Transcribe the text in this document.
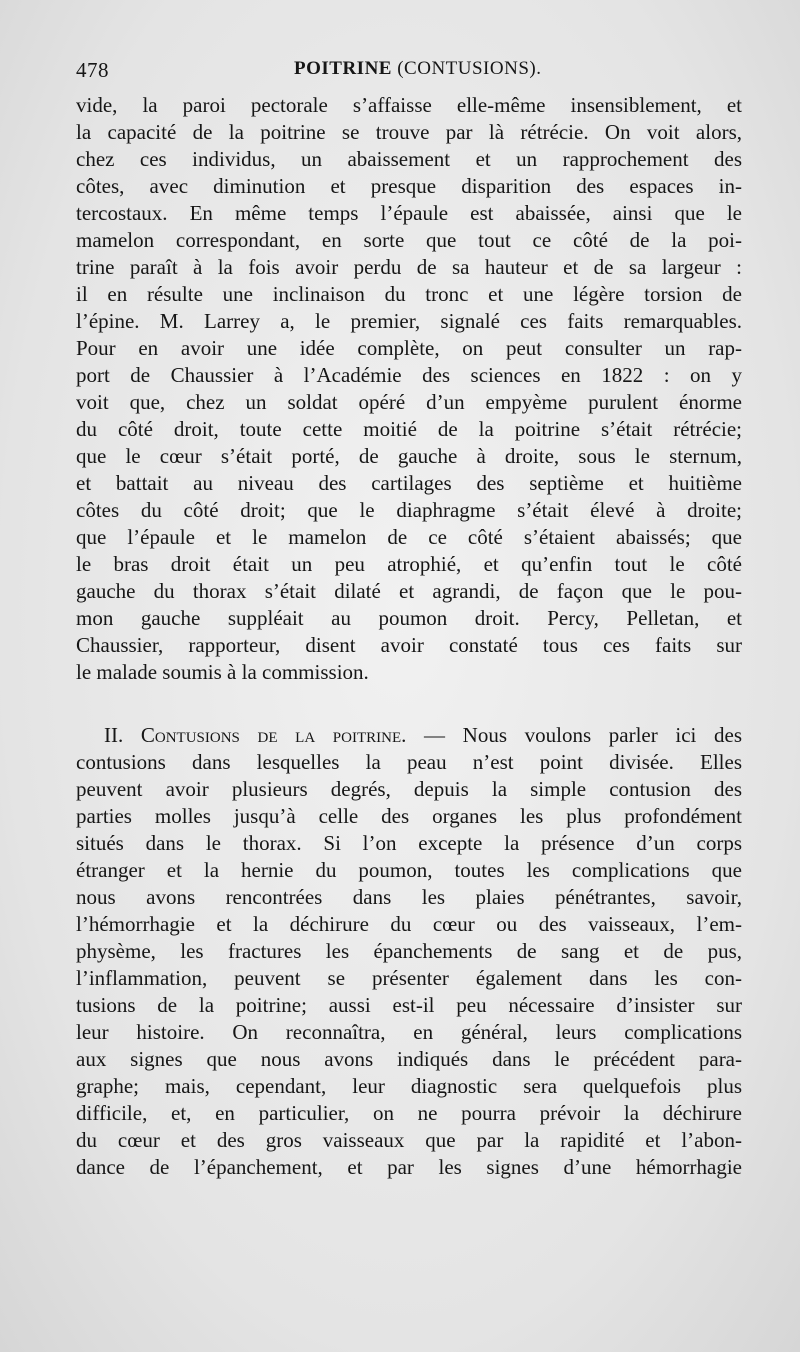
478	POITRINE (CONTUSIONS).
vide, la paroi pectorale s’affaisse elle-même insensiblement, et
la capacité de la poitrine se trouve par là rétrécie. On voit alors,
chez ces individus, un abaissement et un rapprochement des
côtes, avec diminution et presque disparition des espaces in-
tercostaux. En même temps l’épaule est abaissée, ainsi que le
mamelon correspondant, en sorte que tout ce côté de la poi-
trine paraît à la fois avoir perdu de sa hauteur et de sa largeur :
il en résulte une inclinaison du tronc et une légère torsion de
l’épine. M. Larrey a, le premier, signalé ces faits remarquables.
Pour en avoir une idée complète, on peut consulter un rap-
port de Chaussier à l’Académie des sciences en 1822 : on y
voit que, chez un soldat opéré d’un empyème purulent énorme
du côté droit, toute cette moitié de la poitrine s’était rétrécie;
que le cœur s’était porté, de gauche à droite, sous le sternum,
et battait au niveau des cartilages des septième et huitième
côtes du côté droit; que le diaphragme s’était élevé à droite;
que l’épaule et le mamelon de ce côté s’étaient abaissés; que
le bras droit était un peu atrophié, et qu’enfin tout le côté
gauche du thorax s’était dilaté et agrandi, de façon que le pou-
mon gauche suppléait au poumon droit. Percy, Pelletan, et
Chaussier, rapporteur, disent avoir constaté tous ces faits sur
le malade soumis à la commission.
II. Contusions de la poitrine. — Nous voulons parler ici des
contusions dans lesquelles la peau n’est point divisée. Elles
peuvent avoir plusieurs degrés, depuis la simple contusion des
parties molles jusqu’à celle des organes les plus profondément
situés dans le thorax. Si l’on excepte la présence d’un corps
étranger et la hernie du poumon, toutes les complications que
nous avons rencontrées dans les plaies pénétrantes, savoir,
l’hémorrhagie et la déchirure du cœur ou des vaisseaux, l’em-
physème, les fractures les épanchements de sang et de pus,
l’inflammation, peuvent se présenter également dans les con-
tusions de la poitrine; aussi est-il peu nécessaire d’insister sur
leur histoire. On reconnaîtra, en général, leurs complications
aux signes que nous avons indiqués dans le précédent para-
graphe; mais, cependant, leur diagnostic sera quelquefois plus
difficile, et, en particulier, on ne pourra prévoir la déchirure
du cœur et des gros vaisseaux que par la rapidité et l’abon-
dance de l’épanchement, et par les signes d’une hémorrhagie
